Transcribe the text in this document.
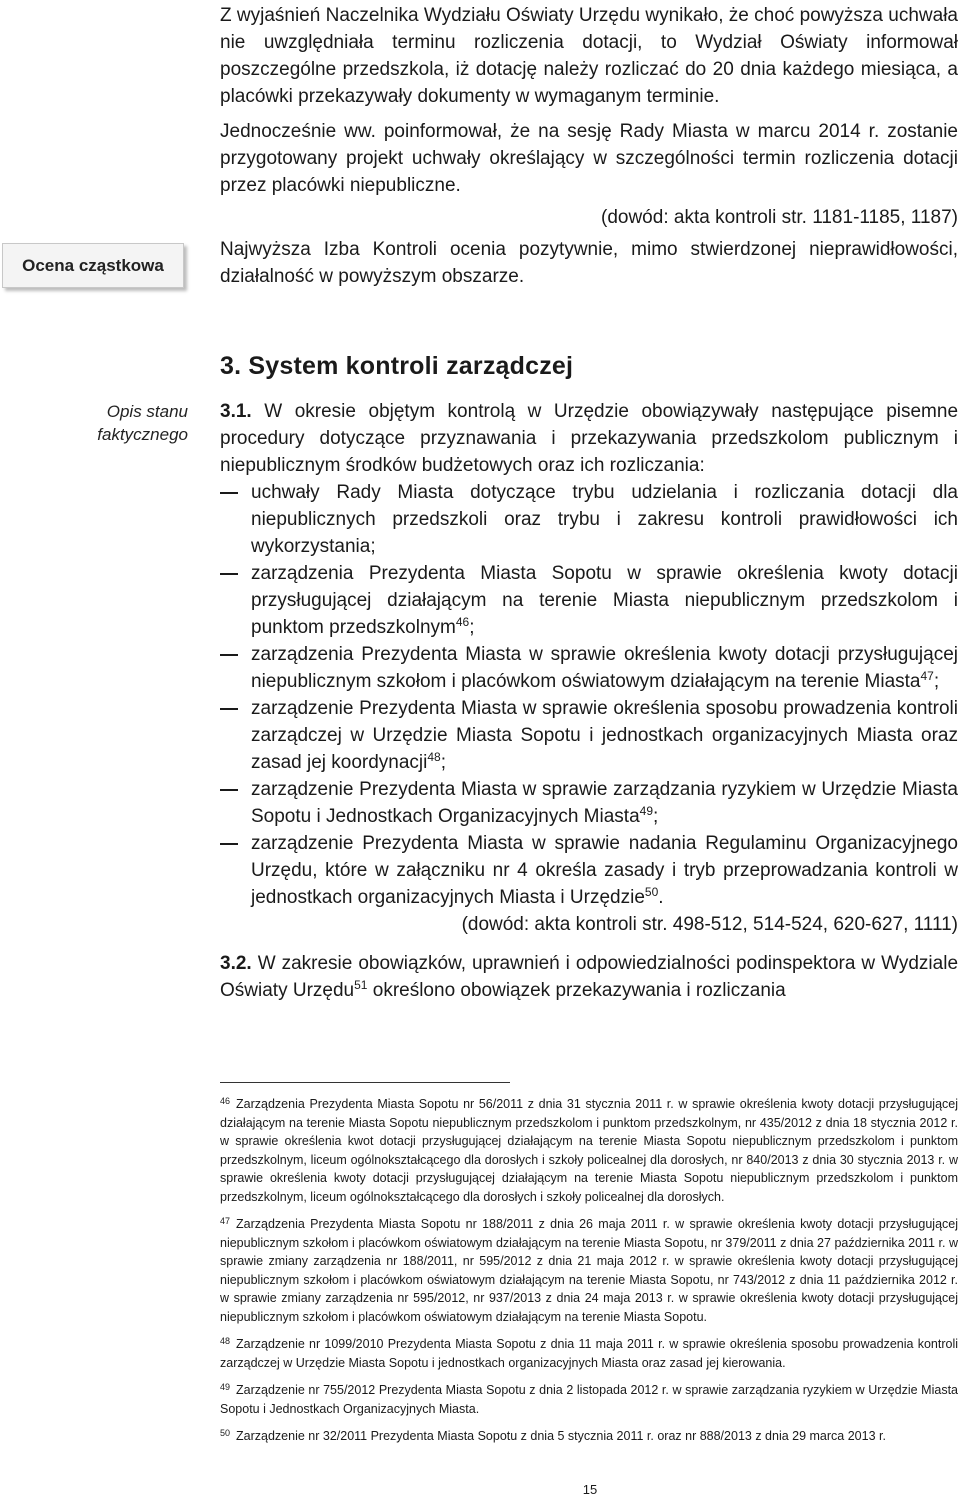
Ocena cząstkowa
Opis stanu faktycznego

Z wyjaśnień Naczelnika Wydziału Oświaty Urzędu wynikało, że choć powyższa uchwała nie uwzględniała terminu rozliczenia dotacji, to Wydział Oświaty informował poszczególne przedszkola, iż dotację należy rozliczać do 20 dnia każdego miesiąca, a placówki przekazywały dokumenty w wymaganym terminie.

Jednocześnie ww. poinformował, że na sesję Rady Miasta w marcu 2014 r. zostanie przygotowany projekt uchwały określający w szczególności termin rozliczenia dotacji przez placówki niepubliczne.

(dowód: akta kontroli str. 1181-1185, 1187)

Najwyższa Izba Kontroli ocenia pozytywnie, mimo stwierdzonej nieprawidłowości, działalność w powyższym obszarze.

3. System kontroli zarządczej

3.1. W okresie objętym kontrolą w Urzędzie obowiązywały następujące pisemne procedury dotyczące przyznawania i przekazywania przedszkolom publicznym i niepublicznym środków budżetowych oraz ich rozliczania:

uchwały Rady Miasta dotyczące trybu udzielania i rozliczania dotacji dla niepublicznych przedszkoli oraz trybu i zakresu kontroli prawidłowości ich wykorzystania;
zarządzenia Prezydenta Miasta Sopotu w sprawie określenia kwoty dotacji przysługującej działającym na terenie Miasta niepublicznym przedszkolom i punktom przedszkolnym$^{46}$;
zarządzenia Prezydenta Miasta w sprawie określenia kwoty dotacji przysługującej niepublicznym szkołom i placówkom oświatowym działającym na terenie Miasta$^{47}$;
zarządzenie Prezydenta Miasta w sprawie określenia sposobu prowadzenia kontroli zarządczej w Urzędzie Miasta Sopotu i jednostkach organizacyjnych Miasta oraz zasad jej koordynacji$^{48}$;
zarządzenie Prezydenta Miasta w sprawie zarządzania ryzykiem w Urzędzie Miasta Sopotu i Jednostkach Organizacyjnych Miasta$^{49}$;
zarządzenie Prezydenta Miasta w sprawie nadania Regulaminu Organizacyjnego Urzędu, które w załączniku nr 4 określa zasady i tryb przeprowadzania kontroli w jednostkach organizacyjnych Miasta i Urzędzie$^{50}$.

(dowód: akta kontroli str. 498-512, 514-524, 620-627, 1111)

3.2. W zakresie obowiązków, uprawnień i odpowiedzialności podinspektora w Wydziale Oświaty Urzędu$^{51}$ określono obowiązek przekazywania i rozliczania

$^{46}$ Zarządzenia Prezydenta Miasta Sopotu nr 56/2011 z dnia 31 stycznia 2011 r. w sprawie określenia kwoty dotacji przysługującej działającym na terenie Miasta Sopotu niepublicznym przedszkolom i punktom przedszkolnym, nr 435/2012 z dnia 18 stycznia 2012 r. w sprawie określenia kwot dotacji przysługującej działającym na terenie Miasta Sopotu niepublicznym przedszkolom i punktom przedszkolnym, liceum ogólnokształcącego dla dorosłych i szkoły policealnej dla dorosłych, nr 840/2013 z dnia 30 stycznia 2013 r. w sprawie określenia kwoty dotacji przysługującej działającym na terenie Miasta Sopotu niepublicznym przedszkolom i punktom przedszkolnym, liceum ogólnokształcącego dla dorosłych i szkoły policealnej dla dorosłych.

$^{47}$ Zarządzenia Prezydenta Miasta Sopotu nr 188/2011 z dnia 26 maja 2011 r. w sprawie określenia kwoty dotacji przysługującej niepublicznym szkołom i placówkom oświatowym działającym na terenie Miasta Sopotu, nr 379/2011 z dnia 27 października 2011 r. w sprawie zmiany zarządzenia nr 188/2011, nr 595/2012 z dnia 21 maja 2012 r. w sprawie określenia kwoty dotacji przysługującej niepublicznym szkołom i placówkom oświatowym działającym na terenie Miasta Sopotu, nr 743/2012 z dnia 11 października 2012 r. w sprawie zmiany zarządzenia nr 595/2012, nr 937/2013 z dnia 24 maja 2013 r. w sprawie określenia kwoty dotacji przysługującej niepublicznym szkołom i placówkom oświatowym działającym na terenie Miasta Sopotu.

$^{48}$ Zarządzenie nr 1099/2010 Prezydenta Miasta Sopotu z dnia 11 maja 2011 r. w sprawie określenia sposobu prowadzenia kontroli zarządczej w Urzędzie Miasta Sopotu i jednostkach organizacyjnych Miasta oraz zasad jej kierowania.

$^{49}$ Zarządzenie nr 755/2012 Prezydenta Miasta Sopotu z dnia 2 listopada 2012 r. w sprawie zarządzania ryzykiem w Urzędzie Miasta Sopotu i Jednostkach Organizacyjnych Miasta.

$^{50}$ Zarządzenie nr 32/2011 Prezydenta Miasta Sopotu z dnia 5 stycznia 2011 r. oraz nr 888/2013 z dnia 29 marca 2013 r.

15
